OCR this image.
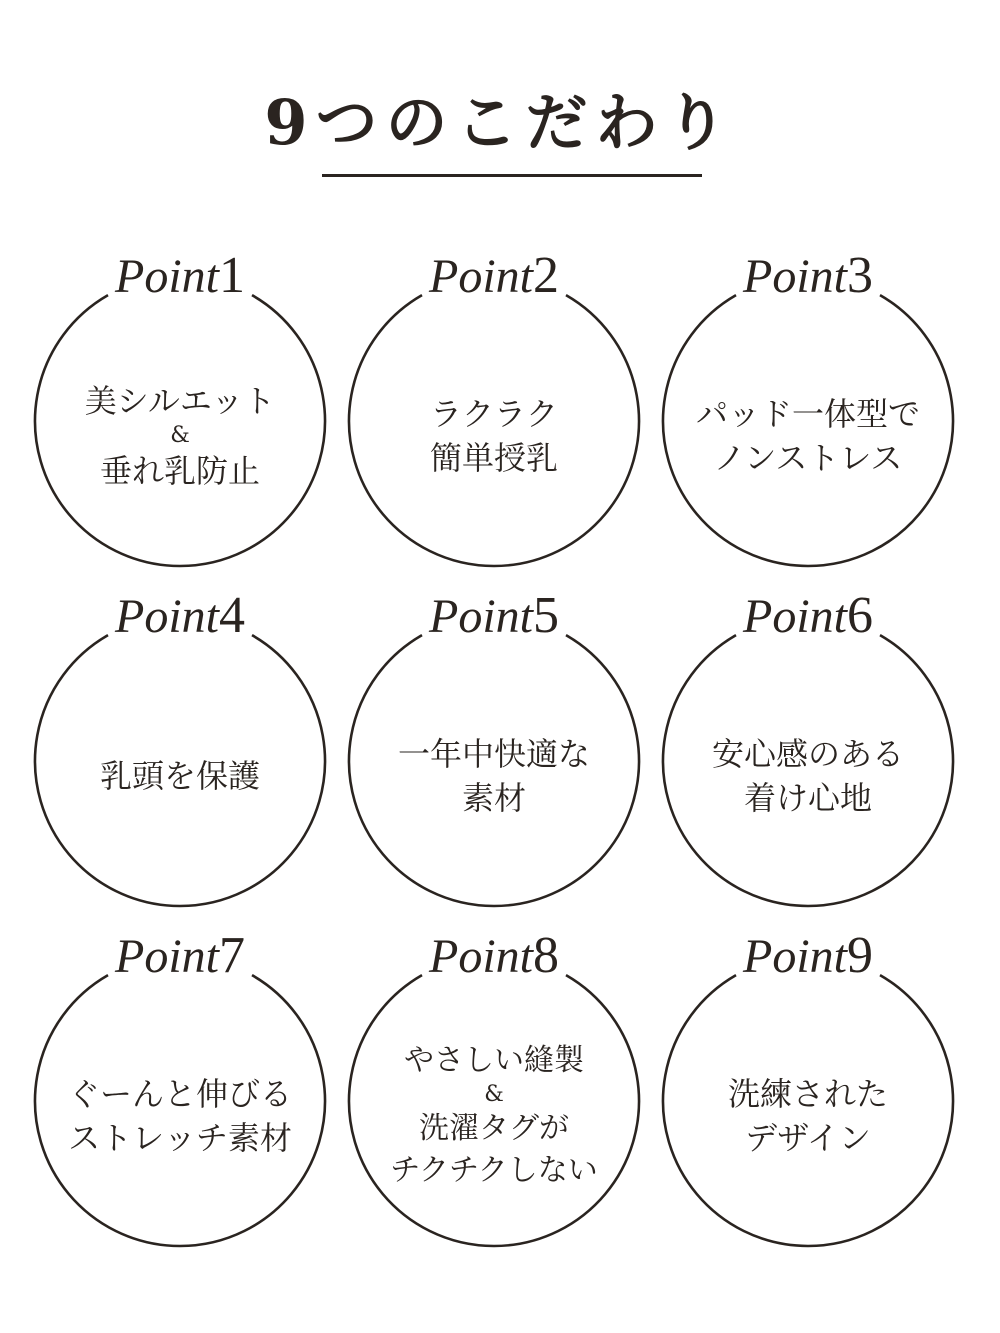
9つのこだわり
Point1
美シルエット
&
垂れ乳防止
Point2
ラクラク
簡単授乳
Point3
パッド一体型で
ノンストレス
Point4
乳頭を保護
Point5
一年中快適な
素材
Point6
安心感のある
着け心地
Point7
ぐーんと伸びる
ストレッチ素材
Point8
やさしい縫製
&
洗濯タグが
チクチクしない
Point9
洗練された
デザイン
